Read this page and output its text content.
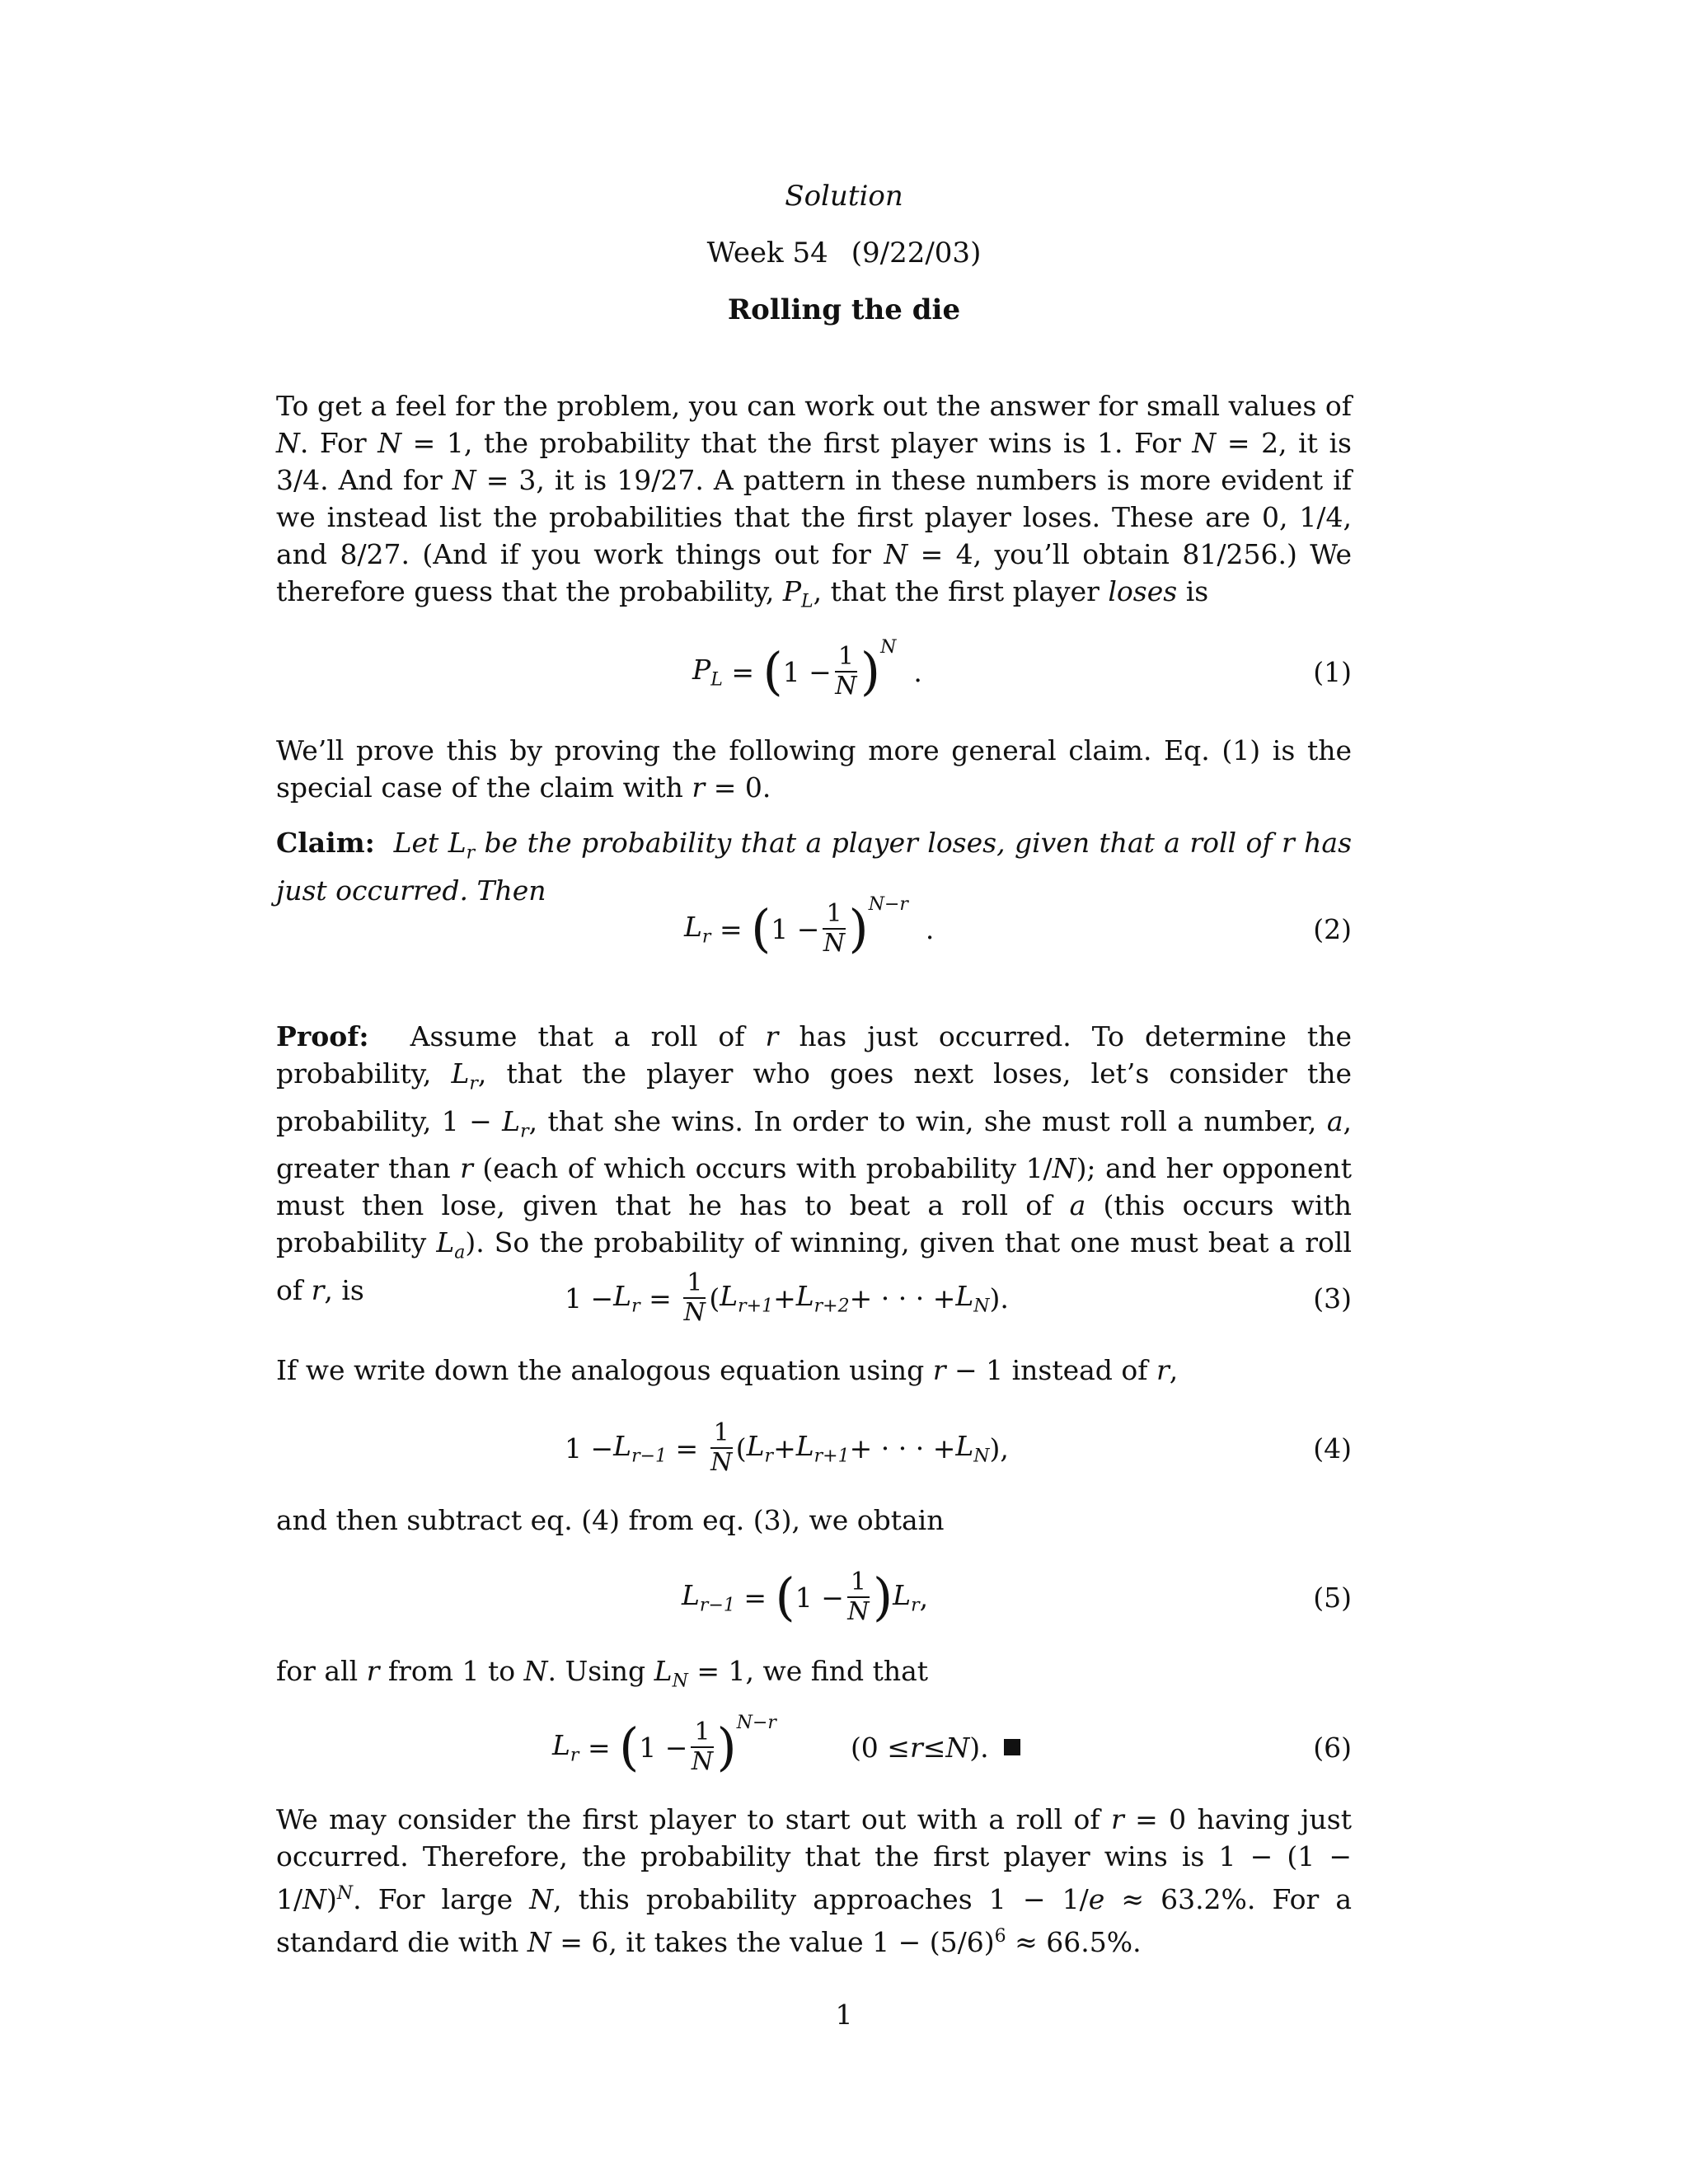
Solution
Week 54 (9/22/03)
Rolling the die
To get a feel for the problem, you can work out the answer for small values of N. For N = 1, the probability that the first player wins is 1. For N = 2, it is 3/4. And for N = 3, it is 19/27. A pattern in these numbers is more evident if we instead list the probabilities that the first player loses. These are 0, 1/4, and 8/27. (And if you work things out for N = 4, you’ll obtain 81/256.) We therefore guess that the probability, $P_L$, that the first player loses is
$P_L$ = ( $1 - \frac{1}{N} )^N$
.	(1)
We’ll prove this by proving the following more general claim. Eq. (1) is the special case of the claim with r = 0.
Claim: Let $L_r$ be the probability that a player loses, given that a roll of r has just occurred. Then
$L_r$ = ( $1 - \frac{1}{N} )^{N-r}$
.	(2)
Proof:  Assume that a roll of r has just occurred. To determine the probability, $L_r$, that the player who goes next loses, let’s consider the probability, $1 - L_r$, that she wins. In order to win, she must roll a number, a, greater than r (each of which occurs with probability 1/N); and her opponent must then lose, given that he has to beat a roll of a (this occurs with probability $L_a$). So the probability of winning, given that one must beat a roll of r, is	$1 - L_r = \frac{1}{N}$ ( $L_{r+1} + L_{r+2}$ + · · · + $L_N$ ).	(3)
If we write down the analogous equation using r − 1 instead of r,
$1 - L_{r-1} = \frac{1}{N}$ ( $L_r + L_{r+1}$ + · · · + $L_N$ ),	(4)
and then subtract eq. (4) from eq. (3), we obtain
$L_{r-1}$ = ( $1 - \frac{1}{N}$ ) $L_r$ ,	(5)
for all r from 1 to N. Using $L_N = 1$, we find that
$L_r$ = ( $1 - \frac{1}{N} )^{N-r}$
(0 ≤ r ≤ N ).	(6)
We may consider the first player to start out with a roll of r = 0 having just occurred. Therefore, the probability that the first player wins is $1 - (1 - 1/N)^N$. For large N, this probability approaches 1 − 1/e ≈ 63.2%. For a standard die with N = 6, it takes the value $1 - (5/6)^6 \approx 66.5\%$.
1
